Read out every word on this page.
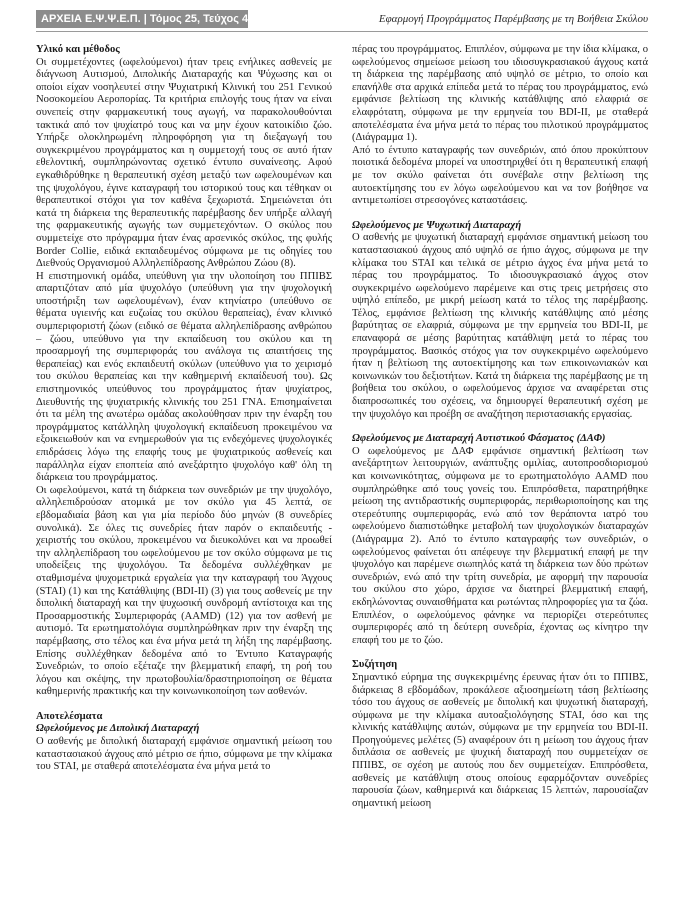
ΑΡΧΕΙΑ Ε.Ψ.Ψ.Ε.Π. | Τόμος 25, Τεύχος 4	Εφαρμογή Προγράμματος Παρέμβασης με τη Βοήθεια Σκύλου

Υλικό και μέθοδος

Οι συμμετέχοντες (ωφελούμενοι) ήταν τρεις ενήλικες ασθενείς με διάγνωση Αυτισμού, Διπολικής Διαταραχής και Ψύχωσης και οι οποίοι είχαν νοσηλευτεί στην Ψυχιατρική Κλινική του 251 Γενικού Νοσοκομείου Αεροπορίας. Τα κριτήρια επιλογής τους ήταν να είναι συνεπείς στην φαρμακευτική τους αγωγή, να παρακολουθούνται τακτικά από τον ψυχίατρό τους και να μην έχουν κατοικίδιο ζώο. Υπήρξε ολοκληρωμένη πληροφόρηση για τη διεξαγωγή του συγκεκριμένου προγράμματος και η συμμετοχή τους σε αυτό ήταν εθελοντική, συμπληρώνοντας σχετικό έντυπο συναίνεσης. Αφού εγκαθιδρύθηκε η θεραπευτική σχέση μεταξύ των ωφελουμένων και της ψυχολόγου, έγινε καταγραφή του ιστορικού τους και τέθηκαν οι θεραπευτικοί στόχοι για τον καθένα ξεχωριστά. Σημειώνεται ότι κατά τη διάρκεια της θεραπευτικής παρέμβασης δεν υπήρξε αλλαγή της φαρμακευτικής αγωγής των συμμετεχόντων. Ο σκύλος που συμμετείχε στο πρόγραμμα ήταν ένας αρσενικός σκύλος, της φυλής Border Collie, ειδικά εκπαιδευμένος σύμφωνα με τις οδηγίες του Διεθνούς Οργανισμού Αλληλεπίδρασης Ανθρώπου Ζώου (8).

Η επιστημονική ομάδα, υπεύθυνη για την υλοποίηση του ΠΠΙΒΣ απαρτιζόταν από μία ψυχολόγο (υπεύθυνη για την ψυχολογική υποστήριξη των ωφελουμένων), έναν κτηνίατρο (υπεύθυνο σε θέματα υγιεινής και ευζωίας του σκύλου θεραπείας), έναν κλινικό συμπεριφοριστή ζώων (ειδικό σε θέματα αλληλεπίδρασης ανθρώπου – ζώου, υπεύθυνο για την εκπαίδευση του σκύλου και τη προσαρμογή της συμπεριφοράς του ανάλογα τις απαιτήσεις της θεραπείας) και ενός εκπαιδευτή σκύλων (υπεύθυνο για το χειρισμό του σκύλου θεραπείας και την καθημερινή εκπαίδευσή του). Ως επιστημονικός υπεύθυνος του προγράμματος ήταν ψυχίατρος, Διευθυντής της ψυχιατρικής κλινικής του 251 ΓΝΑ. Επισημαίνεται ότι τα μέλη της ανωτέρω ομάδας ακολούθησαν πριν την έναρξη του προγράμματος κατάλληλη ψυχολογική εκπαίδευση προκειμένου να εξοικειωθούν και να ενημερωθούν για τις ενδεχόμενες ψυχολογικές επιδράσεις λόγω της επαφής τους με ψυχιατρικούς ασθενείς και παράλληλα είχαν εποπτεία από ανεξάρτητο ψυχολόγο καθ' όλη τη διάρκεια του προγράμματος.

Οι ωφελούμενοι, κατά τη διάρκεια των συνεδριών με την ψυχολόγο, αλληλεπιδρούσαν ατομικά με τον σκύλο για 45 λεπτά, σε εβδομαδιαία βάση και για μία περίοδο δύο μηνών (8 συνεδρίες συνολικά). Σε όλες τις συνεδρίες ήταν παρόν ο εκπαιδευτής - χειριστής του σκύλου, προκειμένου να διευκολύνει και να προωθεί την αλληλεπίδραση του ωφελούμενου με τον σκύλο σύμφωνα με τις υποδείξεις της ψυχολόγου. Τα δεδομένα συλλέχθηκαν με σταθμισμένα ψυχομετρικά εργαλεία για την καταγραφή του Άγχους (STAI) (1) και της Κατάθλιψης (BDI-II) (3) για τους ασθενείς με την διπολική διαταραχή και την ψυχωσική συνδρομή αντίστοιχα και της Προσαρμοστικής Συμπεριφοράς (AAMD) (12) για τον ασθενή με αυτισμό. Τα ερωτηματολόγια συμπληρώθηκαν πριν την έναρξη της παρέμβασης, στο τέλος και ένα μήνα μετά τη λήξη της παρέμβασης. Επίσης συλλέχθηκαν δεδομένα από το Έντυπο Καταγραφής Συνεδριών, το οποίο εξέταζε την βλεμματική επαφή, τη ροή του λόγου και σκέψης, την πρωτοβουλία/δραστηριοποίηση σε θέματα καθημερινής πρακτικής και την κοινωνικοποίηση των ασθενών.

Αποτελέσματα

Ωφελούμενος με Διπολική Διαταραχή

Ο ασθενής με διπολική διαταραχή εμφάνισε σημαντική μείωση του καταστασιακού άγχους από μέτριο σε ήπιο, σύμφωνα με την κλίμακα του STAI, με σταθερά αποτελέσματα ένα μήνα μετά το

πέρας του προγράμματος. Επιπλέον, σύμφωνα με την ίδια κλίμακα, ο ωφελούμενος σημείωσε μείωση του ιδιοσυγκρασιακού άγχους κατά τη διάρκεια της παρέμβασης από υψηλό σε μέτριο, το οποίο και επανήλθε στα αρχικά επίπεδα μετά το πέρας του προγράμματος, ενώ εμφάνισε βελτίωση της κλινικής κατάθλιψης από ελαφριά σε ελαφρότατη, σύμφωνα με την ερμηνεία του BDI-II, με σταθερά αποτελέσματα ένα μήνα μετά το πέρας του πιλοτικού προγράμματος (Διάγραμμα 1).

Από το έντυπο καταγραφής των συνεδριών, από όπου προκύπτουν ποιοτικά δεδομένα μπορεί να υποστηριχθεί ότι η θεραπευτική επαφή με τον σκύλο φαίνεται ότι συνέβαλε στην βελτίωση της αυτοεκτίμησης του εν λόγω ωφελούμενου και να τον βοήθησε να αντιμετωπίσει στρεσογόνες καταστάσεις.

Ωφελούμενος με Ψυχωτική Διαταραχή

Ο ασθενής με ψυχωτική διαταραχή εμφάνισε σημαντική μείωση του καταστασιακού άγχους από υψηλό σε ήπιο άγχος, σύμφωνα με την κλίμακα του STAI και τελικά σε μέτριο άγχος ένα μήνα μετά το πέρας του προγράμματος. Το ιδιοσυγκρασιακό άγχος στον συγκεκριμένο ωφελούμενο παρέμεινε και στις τρεις μετρήσεις στο υψηλό επίπεδο, με μικρή μείωση κατά το τέλος της παρέμβασης. Τέλος, εμφάνισε βελτίωση της κλινικής κατάθλιψης από μέσης βαρύτητας σε ελαφριά, σύμφωνα με την ερμηνεία του BDI-II, με επαναφορά σε μέσης βαρύτητας κατάθλιψη μετά το πέρας του προγράμματος. Βασικός στόχος για τον συγκεκριμένο ωφελούμενο ήταν η βελτίωση της αυτοεκτίμησης και των επικοινωνιακών και κοινωνικών του δεξιοτήτων. Κατά τη διάρκεια της παρέμβασης με τη βοήθεια του σκύλου, ο ωφελούμενος άρχισε να αναφέρεται στις διαπροσωπικές του σχέσεις, να δημιουργεί θεραπευτική σχέση με την ψυχολόγο και προέβη σε αναζήτηση περιστασιακής εργασίας.

Ωφελούμενος με Διαταραχή Αυτιστικού Φάσματος (ΔΑΦ)

Ο ωφελούμενος με ΔΑΦ εμφάνισε σημαντική βελτίωση των ανεξάρτητων λειτουργιών, ανάπτυξης ομιλίας, αυτοπροσδιορισμού και κοινωνικότητας, σύμφωνα με το ερωτηματολόγιο AAMD που συμπληρώθηκε από τους γονείς του. Επιπρόσθετα, παρατηρήθηκε μείωση της αντιδραστικής συμπεριφοράς, περιθωριοποίησης και της στερεότυπης συμπεριφοράς, ενώ από τον θεράποντα ιατρό του ωφελούμενο διαπιστώθηκε μεταβολή των ψυχολογικών διαταραχών (Διάγραμμα 2). Από το έντυπο καταγραφής των συνεδριών, ο ωφελούμενος φαίνεται ότι απέφευγε την βλεμματική επαφή με την ψυχολόγο και παρέμενε σιωπηλός κατά τη διάρκεια των δύο πρώτων συνεδριών, ενώ από την τρίτη συνεδρία, με αφορμή την παρουσία του σκύλου στο χώρο, άρχισε να διατηρεί βλεμματική επαφή, εκδηλώνοντας συναισθήματα και ρωτώντας πληροφορίες για τα ζώα. Επιπλέον, ο ωφελούμενος φάνηκε να περιορίζει στερεότυπες συμπεριφορές από τη δεύτερη συνεδρία, έχοντας ως κίνητρο την επαφή του με το ζώο.

Συζήτηση

Σημαντικό εύρημα της συγκεκριμένης έρευνας ήταν ότι το ΠΠΙΒΣ, διάρκειας 8 εβδομάδων, προκάλεσε αξιοσημείωτη τάση βελτίωσης τόσο του άγχους σε ασθενείς με διπολική και ψυχωτική διαταραχή, σύμφωνα με την κλίμακα αυτοαξιολόγησης STAI, όσο και της κλινικής κατάθλιψης αυτών, σύμφωνα με την ερμηνεία του BDI-II. Προηγούμενες μελέτες (5) αναφέρουν ότι η μείωση του άγχους ήταν διπλάσια σε ασθενείς με ψυχική διαταραχή που συμμετείχαν σε ΠΠΙΒΣ, σε σχέση με αυτούς που δεν συμμετείχαν. Επιπρόσθετα, ασθενείς με κατάθλιψη στους οποίους εφαρμόζονταν συνεδρίες παρουσία ζώων, καθημερινά και διάρκειας 15 λεπτών, παρουσίαζαν σημαντική μείωση
